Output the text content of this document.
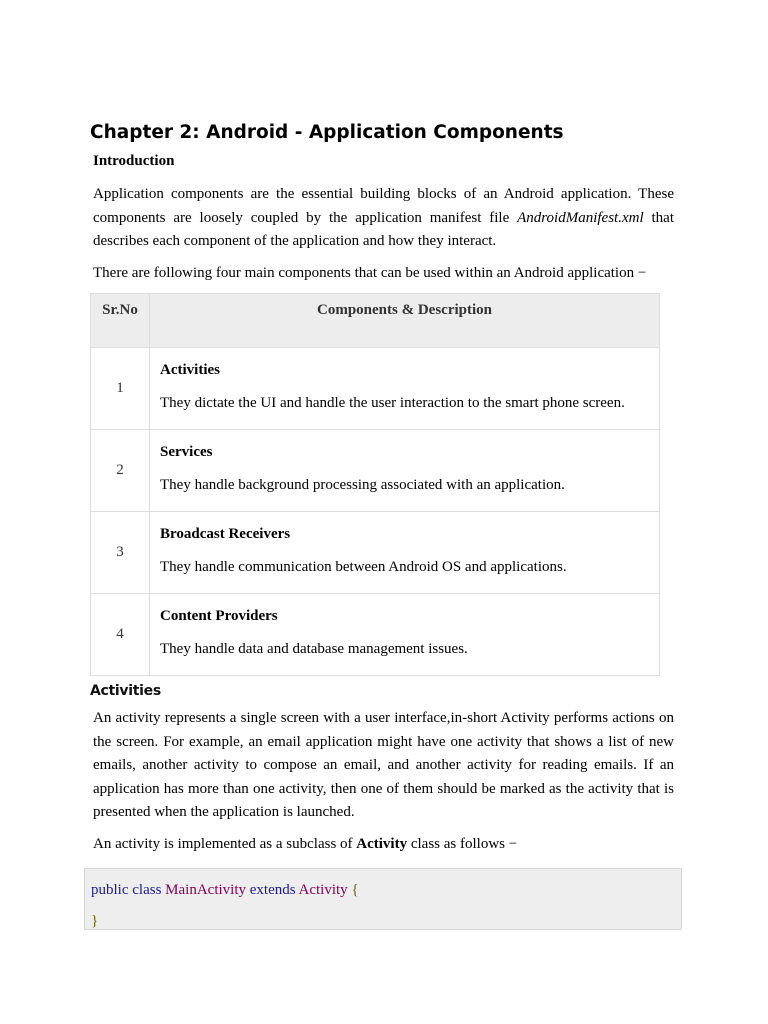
Chapter 2: Android - Application Components
Introduction

Application components are the essential building blocks of an Android application. These components are loosely coupled by the application manifest file AndroidManifest.xml that describes each component of the application and how they interact.

There are following four main components that can be used within an Android application −

Sr.No	Components & Description
1	Activities

They dictate the UI and handle the user interaction to the smart phone screen.

2	Services

They handle background processing associated with an application.

3	Broadcast Receivers

They handle communication between Android OS and applications.

4	Content Providers

They handle data and database management issues.

Activities

An activity represents a single screen with a user interface,in-short Activity performs actions on the screen. For example, an email application might have one activity that shows a list of new emails, another activity to compose an email, and another activity for reading emails. If an application has more than one activity, then one of them should be marked as the activity that is presented when the application is launched.

An activity is implemented as a subclass of Activity class as follows −

public class MainActivity extends Activity {
}
